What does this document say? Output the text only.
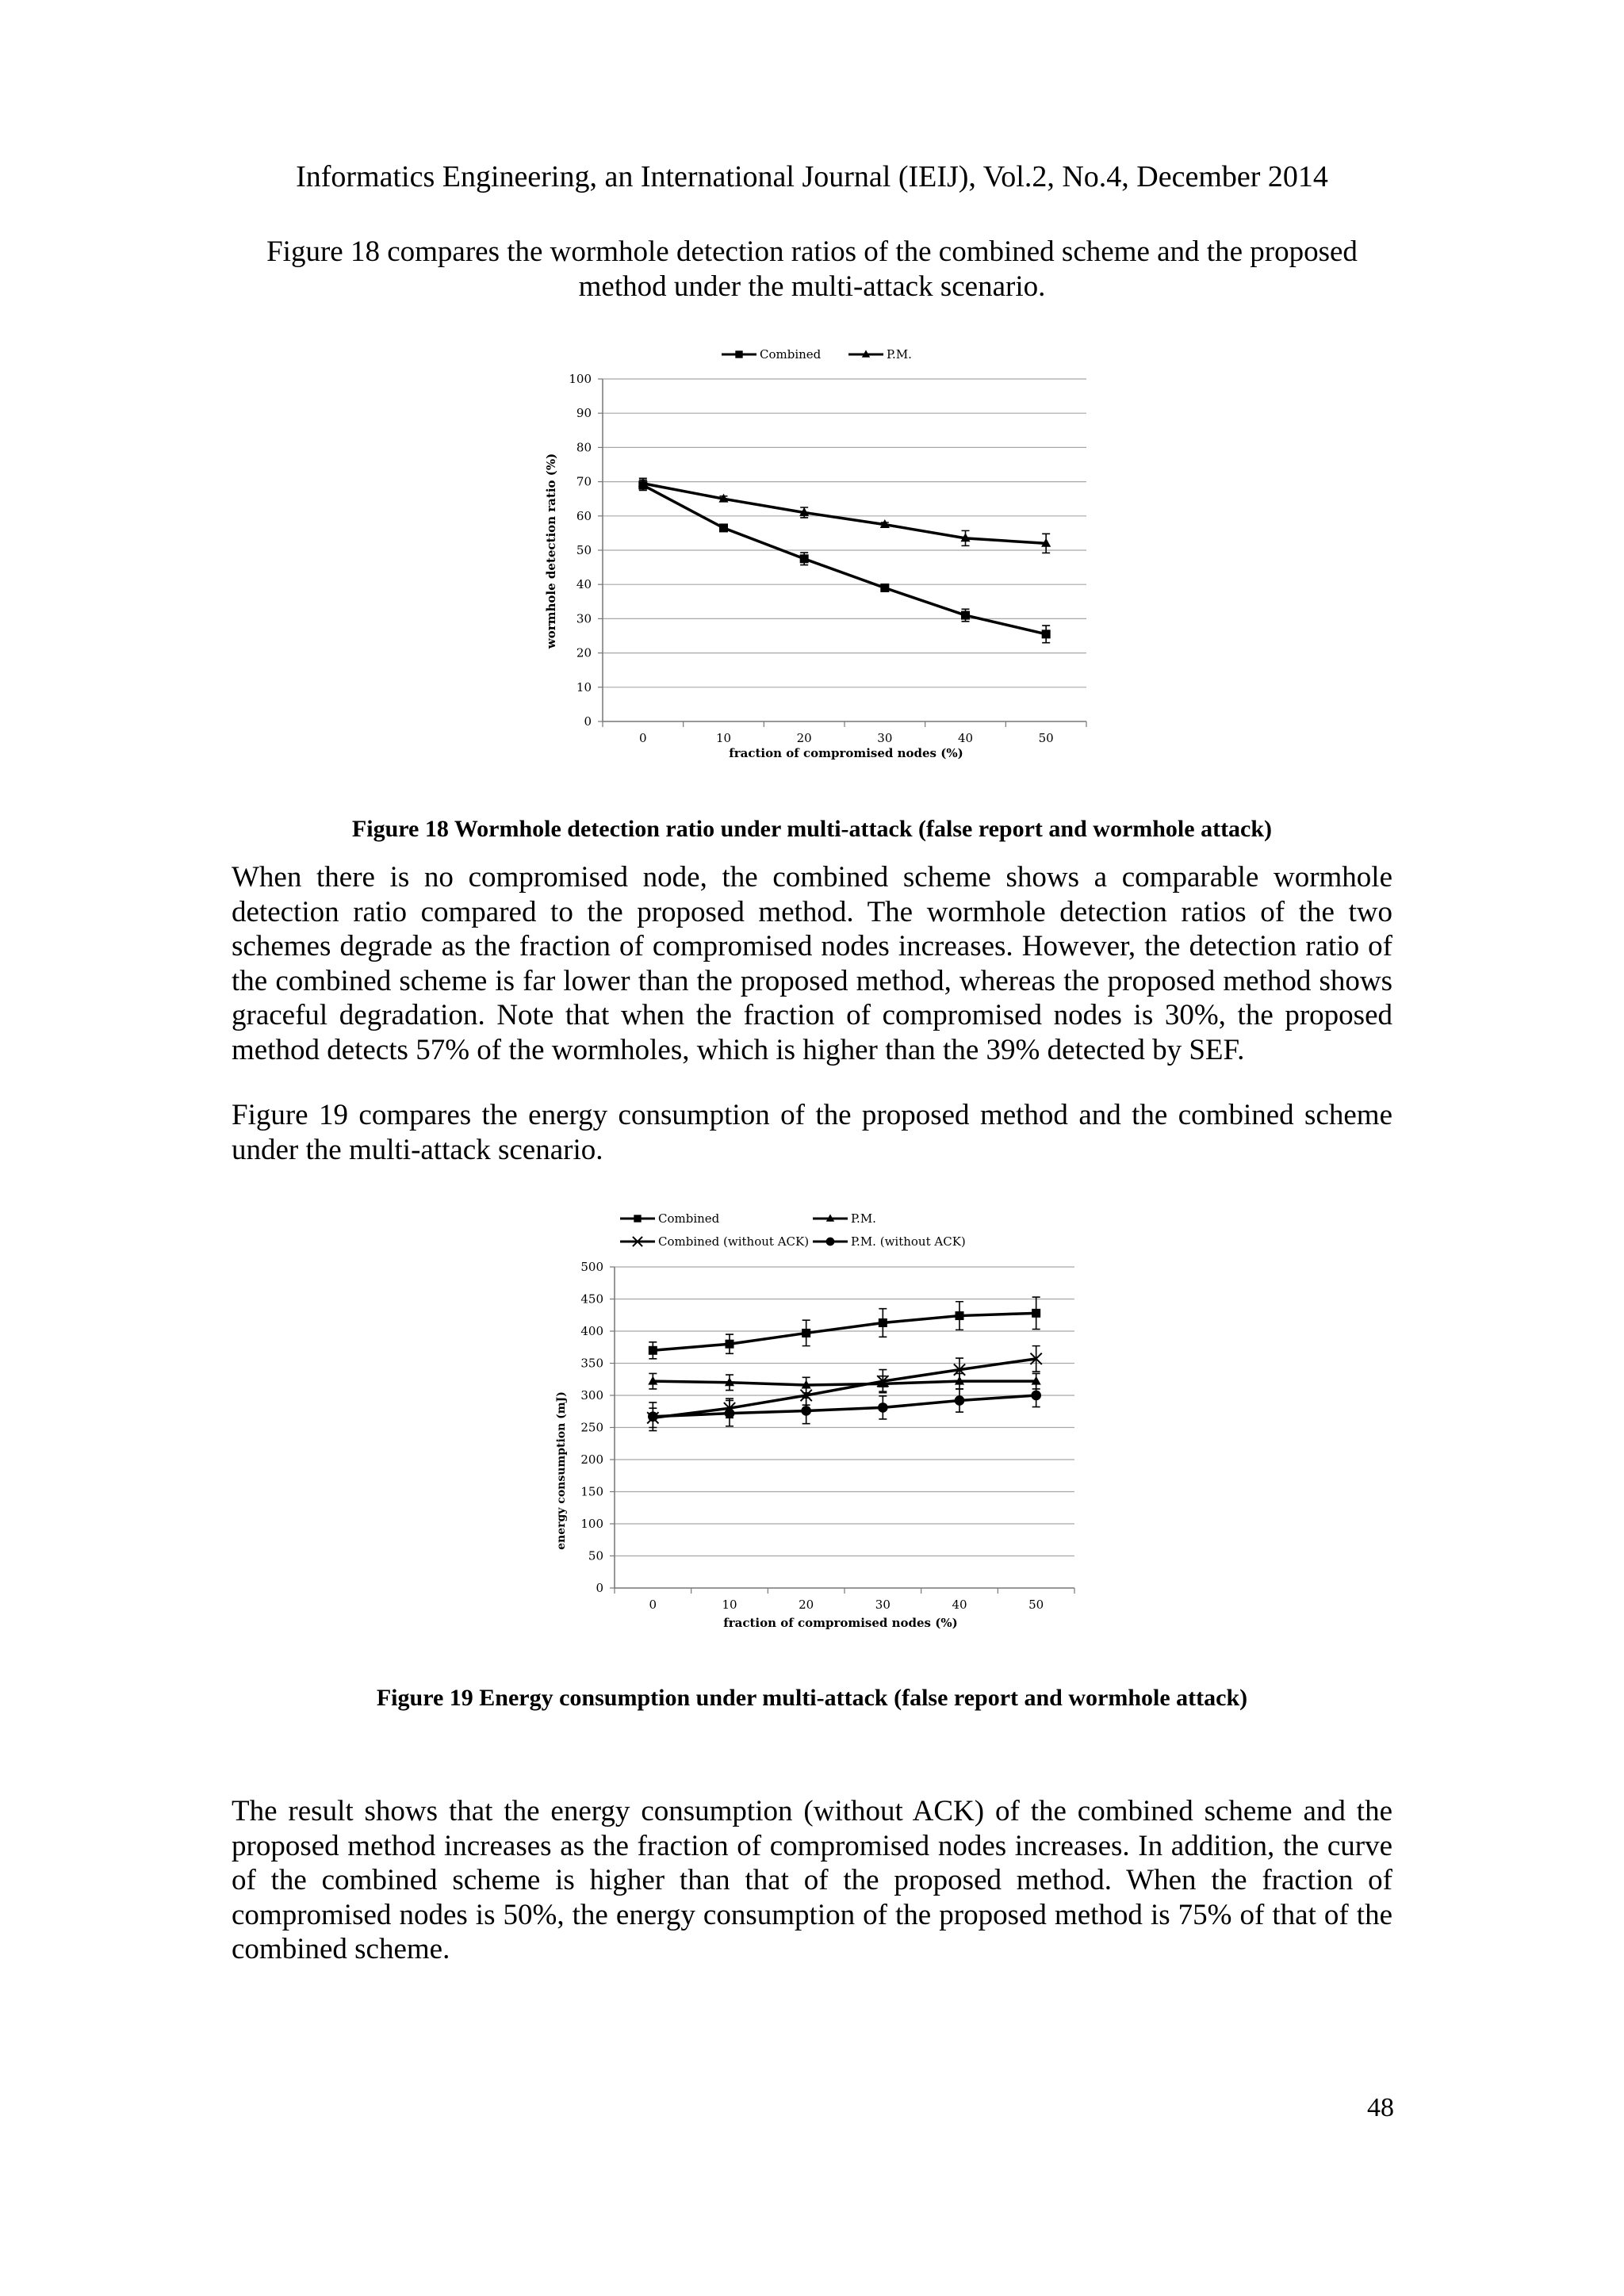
Informatics Engineering, an International Journal (IEIJ), Vol.2, No.4, December 2014
Figure 18 compares the wormhole detection ratios of the combined scheme and the proposed method under the multi-attack scenario.
0
10
20
30
40
50
60
70
80
90
100
0	10	20	30	40	50
Combined	P.M.
wormhole detection ratio (%)
fraction of compromised nodes (%)
Figure 18 Wormhole detection ratio under multi-attack (false report and wormhole attack)
When there is no compromised node, the combined scheme shows a comparable wormhole detection ratio compared to the proposed method. The wormhole detection ratios of the two schemes degrade as the fraction of compromised nodes increases. However, the detection ratio of the combined scheme is far lower than the proposed method, whereas the proposed method shows graceful degradation. Note that when the fraction of compromised nodes is 30%, the proposed method detects 57% of the wormholes, which is higher than the 39% detected by SEF.
Figure 19 compares the energy consumption of the proposed method and the combined scheme under the multi-attack scenario.
0
50
100
150
200
250
300
350
400
450
500
0	10	20	30	40	50
Combined	P.M.
Combined (without ACK)	P.M. (without ACK)
energy consumption (mJ)
fraction of compromised nodes (%)
Figure 19 Energy consumption under multi-attack (false report and wormhole attack)
The result shows that the energy consumption (without ACK) of the combined scheme and the proposed method increases as the fraction of compromised nodes increases. In addition, the curve of the combined scheme is higher than that of the proposed method. When the fraction of compromised nodes is 50%, the energy consumption of the proposed method is 75% of that of the combined scheme.
48
